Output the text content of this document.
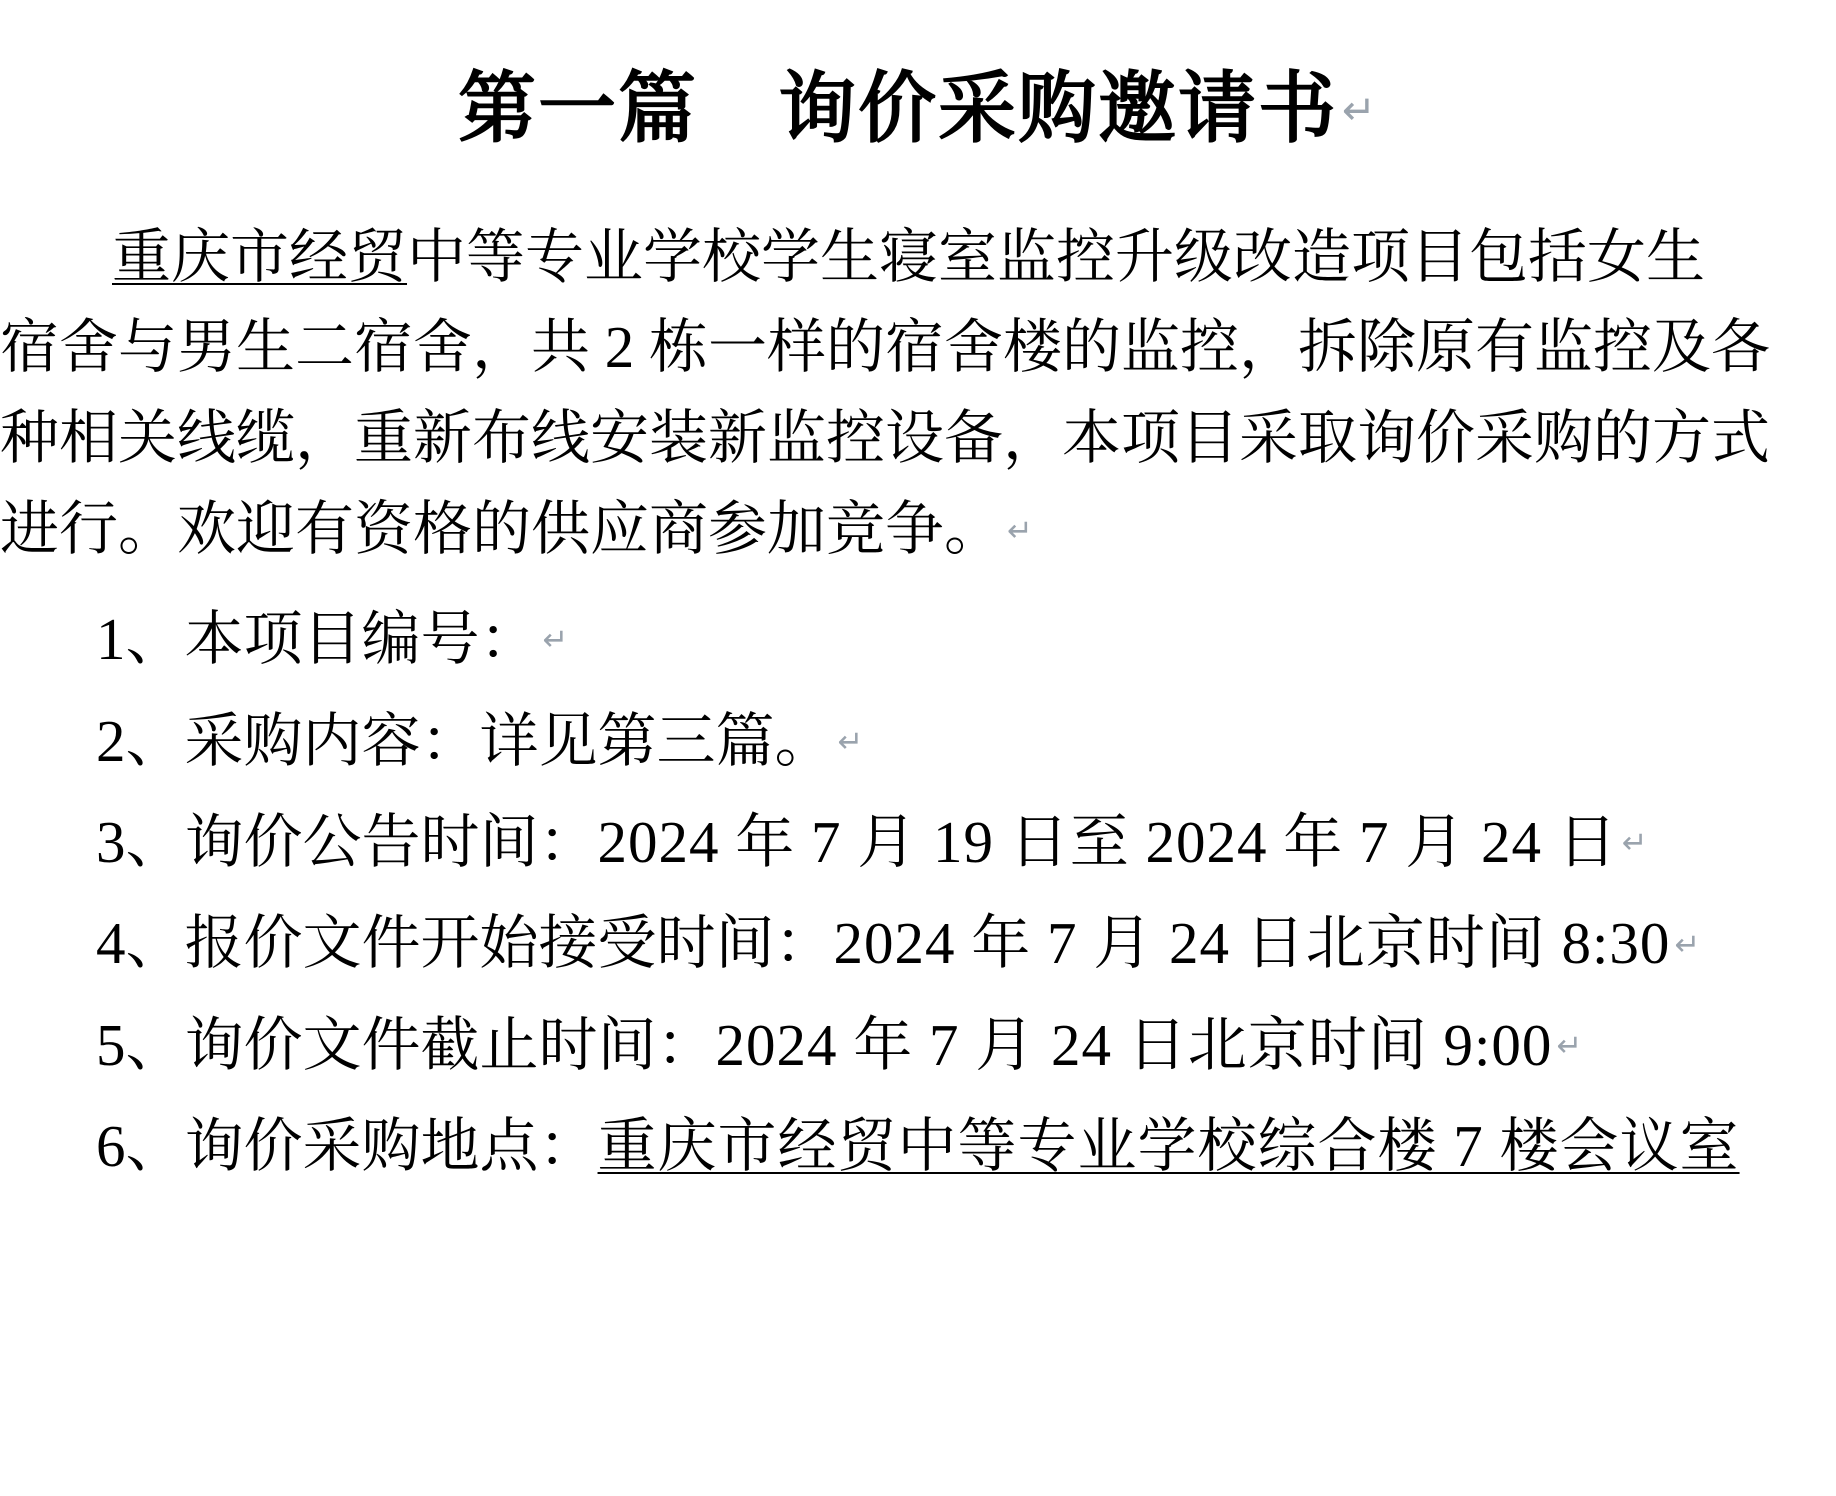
第一篇　询价采购邀请书↵

重庆市经贸中等专业学校学生寝室监控升级改造项目包括女生

宿舍与男生二宿舍，共 2 栋一样的宿舍楼的监控，拆除原有监控及各

种相关线缆，重新布线安装新监控设备，本项目采取询价采购的方式

进行。欢迎有资格的供应商参加竞争。 ↵

1、本项目编号： ↵
2、采购内容：详见第三篇。 ↵
3、询价公告时间：2024 年 7 月 19 日至 2024 年 7 月 24 日 ↵
4、报价文件开始接受时间：2024 年 7 月 24 日北京时间 8:30 ↵
5、询价文件截止时间：2024 年 7 月 24 日北京时间 9:00 ↵
6、询价采购地点：重庆市经贸中等专业学校综合楼 7 楼会议室
